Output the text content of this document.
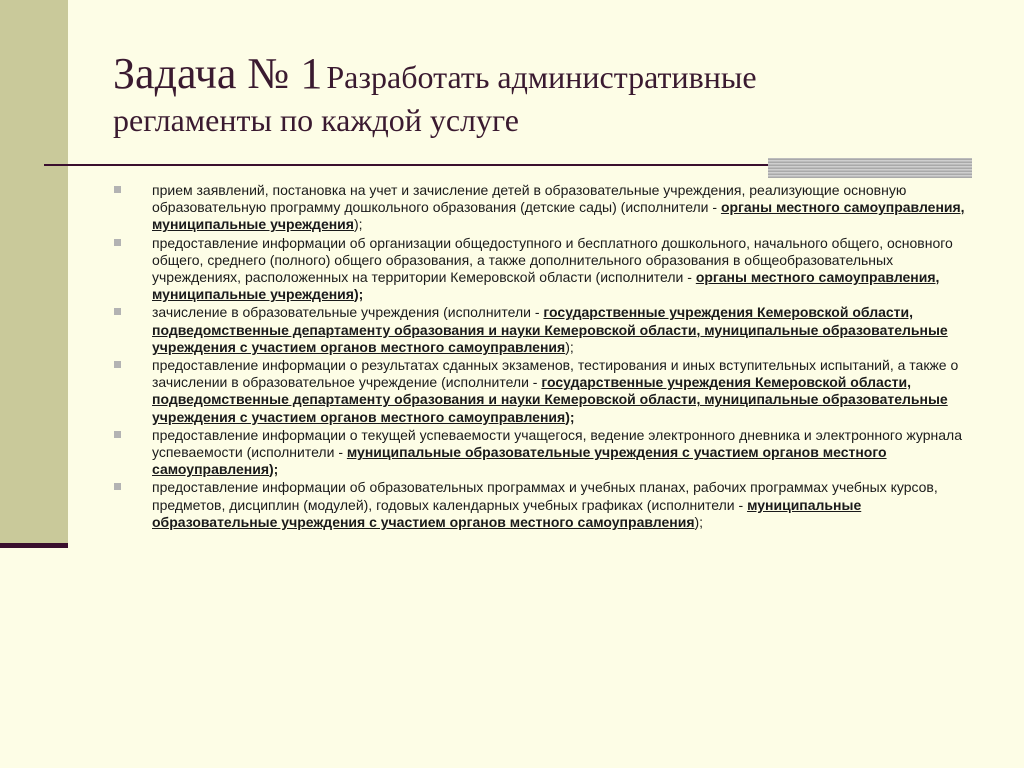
Задача № 1 Разработать административные
регламенты по каждой услуге
прием заявлений, постановка на учет и зачисление детей в образовательные учреждения, реализующие основную образовательную программу дошкольного образования (детские сады) (исполнители - органы местного самоуправления, муниципальные учреждения);
предоставление информации об организации общедоступного и бесплатного дошкольного, начального общего, основного общего, среднего (полного) общего образования, а также дополнительного образования в общеобразовательных учреждениях, расположенных на территории Кемеровской области (исполнители - органы местного самоуправления, муниципальные учреждения);
зачисление в образовательные учреждения (исполнители - государственные учреждения Кемеровской области, подведомственные департаменту образования и науки Кемеровской области, муниципальные образовательные учреждения с участием органов местного самоуправления);
предоставление информации о результатах сданных экзаменов, тестирования и иных вступительных испытаний, а также о зачислении в образовательное учреждение (исполнители - государственные учреждения Кемеровской области, подведомственные департаменту образования и науки Кемеровской области, муниципальные образовательные учреждения с участием органов местного самоуправления);
предоставление информации о текущей успеваемости учащегося, ведение электронного дневника и электронного журнала успеваемости (исполнители - муниципальные образовательные учреждения с участием органов местного самоуправления);
предоставление информации об образовательных программах и учебных планах, рабочих программах учебных курсов, предметов, дисциплин (модулей), годовых календарных учебных графиках (исполнители - муниципальные образовательные учреждения с участием органов местного самоуправления);
